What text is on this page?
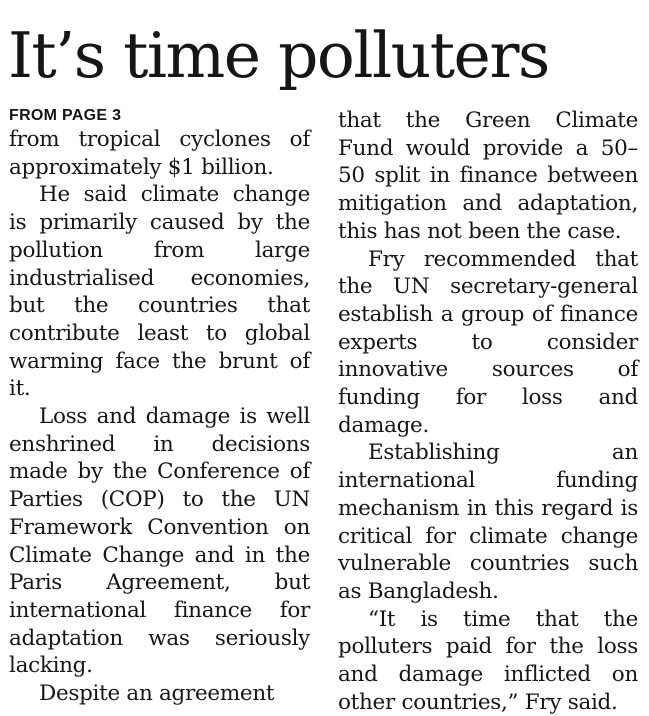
It’s time polluters
FROM PAGE 3

from tropical cyclones of approximately $1 billion.

He said climate change is primarily caused by the pollution from large industrialised economies, but the countries that contribute least to global warming face the brunt of it.

Loss and damage is well enshrined in decisions made by the Conference of Parties (COP) to the UN Framework Convention on Climate Change and in the Paris Agreement, but international finance for adaptation was seriously lacking.

Despite an agreement

that the Green Climate Fund would provide a 50–50 split in finance between mitigation and adaptation, this has not been the case.

Fry recommended that the UN secretary-general establish a group of finance experts to consider innovative sources of funding for loss and damage.

Establishing an international funding mechanism in this regard is critical for climate change vulnerable countries such as Bangladesh.

“It is time that the polluters paid for the loss and damage inflicted on other countries,” Fry said.
